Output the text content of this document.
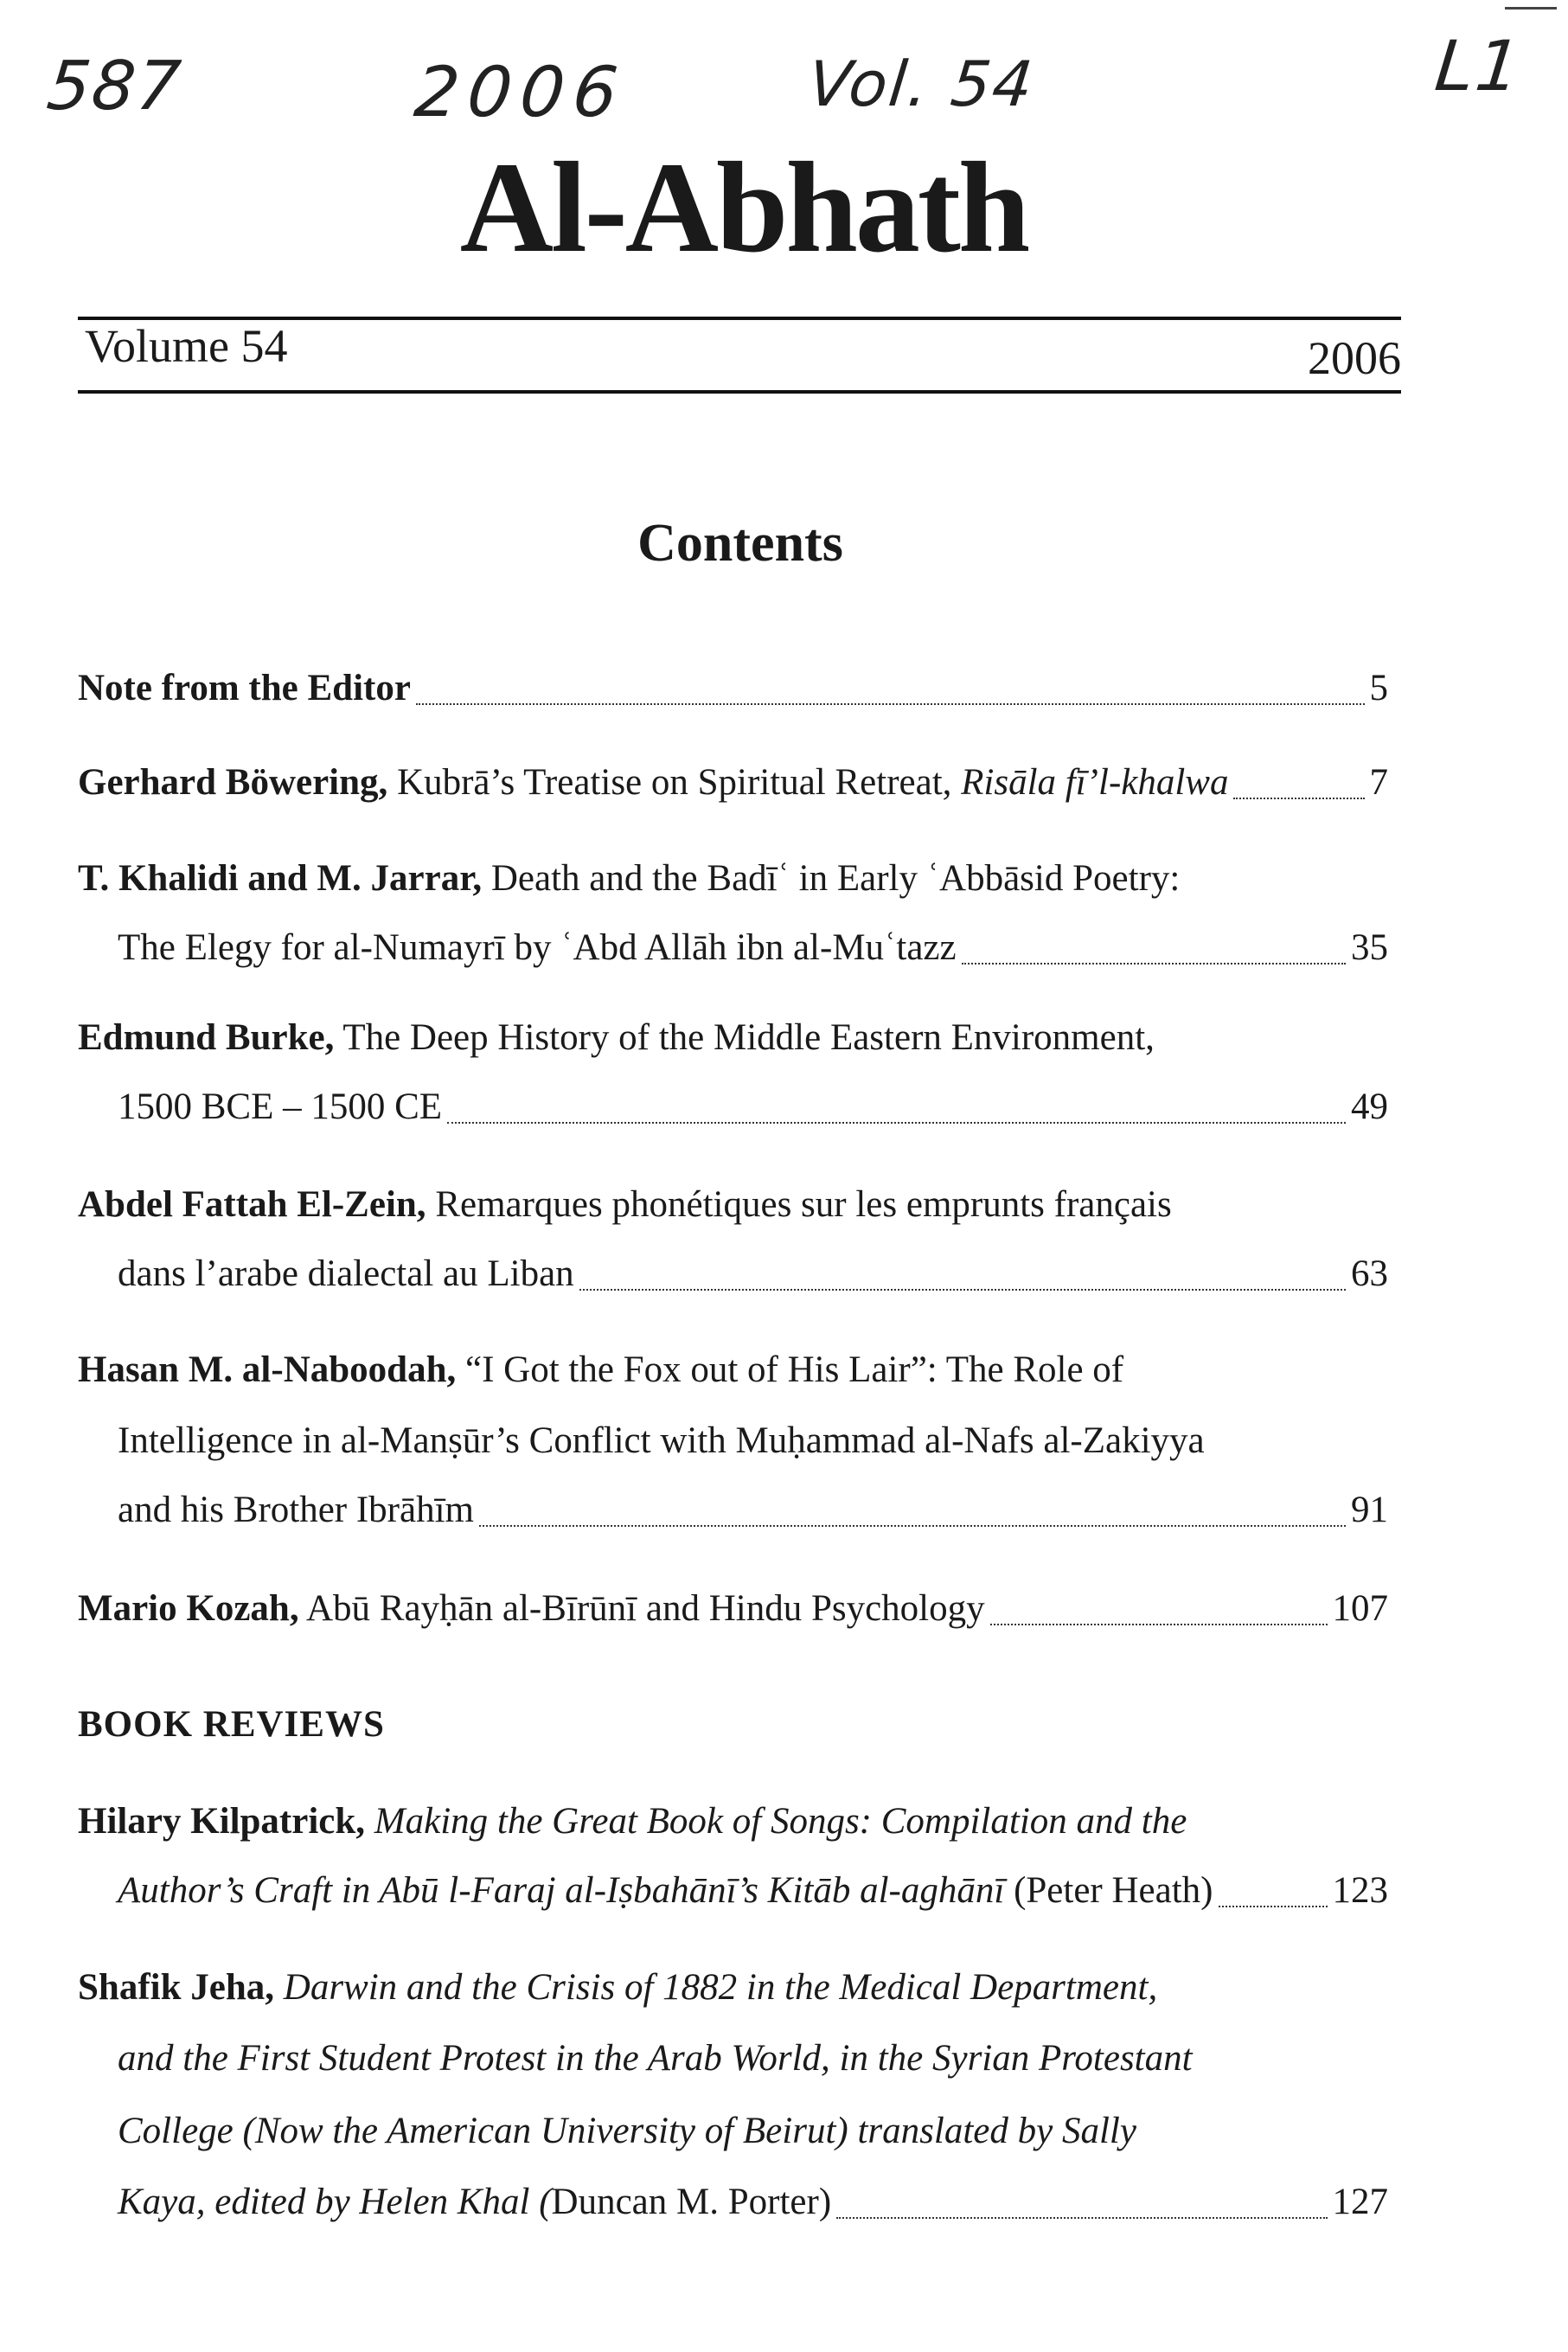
587	2006	Vol. 54	L1
Al-Abhath
Volume 54	2006
Contents
Note from the Editor	5
Gerhard Böwering, Kubrā’s Treatise on Spiritual Retreat, Risāla fī’l-khalwa	7
T. Khalidi and M. Jarrar, Death and the Badīʿ in Early ʿAbbāsid Poetry:
The Elegy for al-Numayrī by ʿAbd Allāh ibn al-Muʿtazz	35
Edmund Burke, The Deep History of the Middle Eastern Environment,
1500 BCE – 1500 CE	49
Abdel Fattah El-Zein, Remarques phonétiques sur les emprunts français
dans l’arabe dialectal au Liban	63
Hasan M. al-Naboodah, “I Got the Fox out of His Lair”: The Role of
Intelligence in al-Manṣūr’s Conflict with Muḥammad al-Nafs al-Zakiyya
and his Brother Ibrāhīm	91
Mario Kozah, Abū Rayḥān al-Bīrūnī and Hindu Psychology	107
BOOK REVIEWS
Hilary Kilpatrick, Making the Great Book of Songs: Compilation and the
Author’s Craft in Abū l-Faraj al-Iṣbahānī’s Kitāb al-aghānī (Peter Heath)	123
Shafik Jeha, Darwin and the Crisis of 1882 in the Medical Department,
and the First Student Protest in the Arab World, in the Syrian Protestant
College (Now the American University of Beirut) translated by Sally
Kaya, edited by Helen Khal ( Duncan M. Porter)	127
